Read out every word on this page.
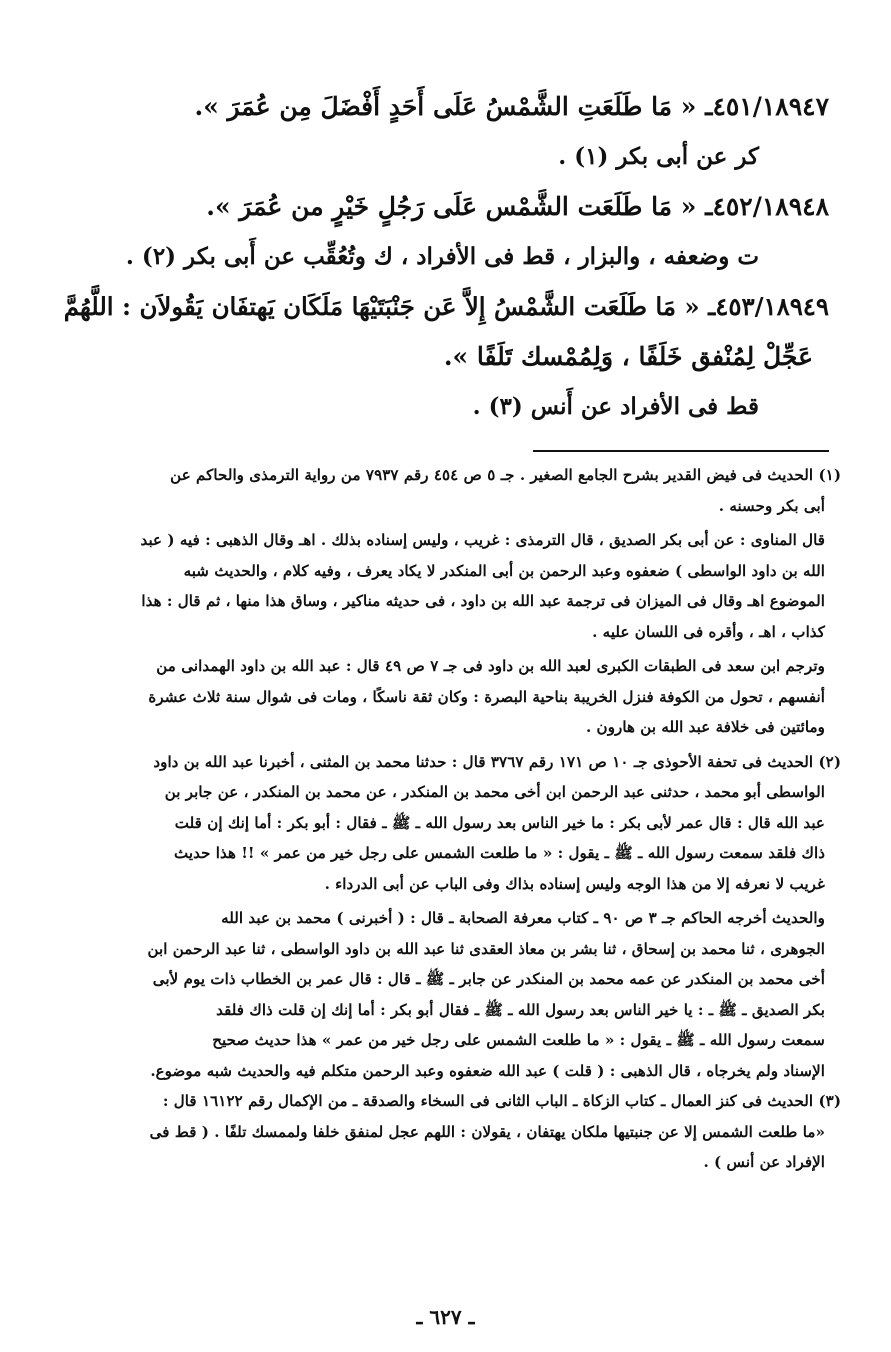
٤٥١/١٨٩٤٧ـ « مَا طَلَعَتِ الشَّمْسُ عَلَى أَحَدٍ أَفْضَلَ مِن عُمَرَ ».
كر عن أبى بكر (١) .
٤٥٢/١٨٩٤٨ـ « مَا طَلَعَت الشَّمْس عَلَى رَجُلٍ خَيْرٍ من عُمَرَ ».
ت وضعفه ، والبزار ، قط فى الأفراد ، ك وتُعُقِّب عن أَبى بكر (٢) .
٤٥٣/١٨٩٤٩ـ « مَا طَلَعَت الشَّمْسُ إِلاَّ عَن جَنْبَتَيْهَا مَلَكَان يَهتفَان يَقُولاَن : اللَّهُمَّ
عَجِّلْ لِمُنْفق خَلَفًا ، وَلِمُمْسك تَلَفًا ».
قط فى الأفراد عن أَنس (٣) .
(١) الحديث فى فيض القدير بشرح الجامع الصغير . جـ ٥ ص ٤٥٤ رقم ٧٩٣٧ من رواية الترمذى والحاكم عن
أبى بكر وحسنه .
قال المناوى : عن أبى بكر الصديق ، قال الترمذى : غريب ، وليس إسناده بذلك . اهـ وقال الذهبى : فيه ( عبد
الله بن داود الواسطى ) ضعفوه وعبد الرحمن بن أبى المنكدر لا يكاد يعرف ، وفيه كلام ، والحديث شبه
الموضوع اهـ وقال فى الميزان فى ترجمة عبد الله بن داود ، فى حديثه مناكير ، وساق هذا منها ، ثم قال : هذا
كذاب ، اهـ ، وأقره فى اللسان عليه .
وترجم ابن سعد فى الطبقات الكبرى لعبد الله بن داود فى جـ ٧ ص ٤٩ قال : عبد الله بن داود الهمدانى من
أنفسهم ، تحول من الكوفة فنزل الخريبة بناحية البصرة : وكان ثقة ناسكًا ، ومات فى شوال سنة ثلاث عشرة
ومائتين فى خلافة عبد الله بن هارون .
(٢) الحديث فى تحفة الأحوذى جـ ١٠ ص ١٧١ رقم ٣٧٦٧ قال : حدثنا محمد بن المثنى ، أخبرنا عبد الله بن داود
الواسطى أبو محمد ، حدثنى عبد الرحمن ابن أخى محمد بن المنكدر ، عن محمد بن المنكدر ، عن جابر بن
عبد الله قال : قال عمر لأبى بكر : ما خير الناس بعد رسول الله ـ ﷺ ـ فقال : أبو بكر : أما إنك إن قلت
ذاك فلقد سمعت رسول الله ـ ﷺ ـ يقول : « ما طلعت الشمس على رجل خير من عمر » !! هذا حديث
غريب لا نعرفه إلا من هذا الوجه وليس إسناده بذاك وفى الباب عن أبى الدرداء .
والحديث أخرجه الحاكم جـ ٣ ص ٩٠ ـ كتاب معرفة الصحابة ـ قال : ( أخبرنى ) محمد بن عبد الله
الجوهرى ، ثنا محمد بن إسحاق ، ثنا بشر بن معاذ العقدى ثنا عبد الله بن داود الواسطى ، ثنا عبد الرحمن ابن
أخى محمد بن المنكدر عن عمه محمد بن المنكدر عن جابر ـ ﷺ ـ قال : قال عمر بن الخطاب ذات يوم لأبى
بكر الصديق ـ ﷺ ـ : يا خير الناس بعد رسول الله ـ ﷺ ـ فقال أبو بكر : أما إنك إن قلت ذاك فلقد
سمعت رسول الله ـ ﷺ ـ يقول : « ما طلعت الشمس على رجل خير من عمر » هذا حديث صحيح
الإسناد ولم يخرجاه ، قال الذهبى : ( قلت ) عبد الله ضعفوه وعبد الرحمن متكلم فيه والحديث شبه موضوع.
(٣) الحديث فى كنز العمال ـ كتاب الزكاة ـ الباب الثانى فى السخاء والصدقة ـ من الإكمال رقم ١٦١٢٢ قال :
«ما طلعت الشمس إلا عن جنبتيها ملكان يهتفان ، يقولان : اللهم عجل لمنفق خلفا ولممسك تلفًا . ( قط فى
الإفراد عن أنس ) .
ـ ٦٢٧ ـ
